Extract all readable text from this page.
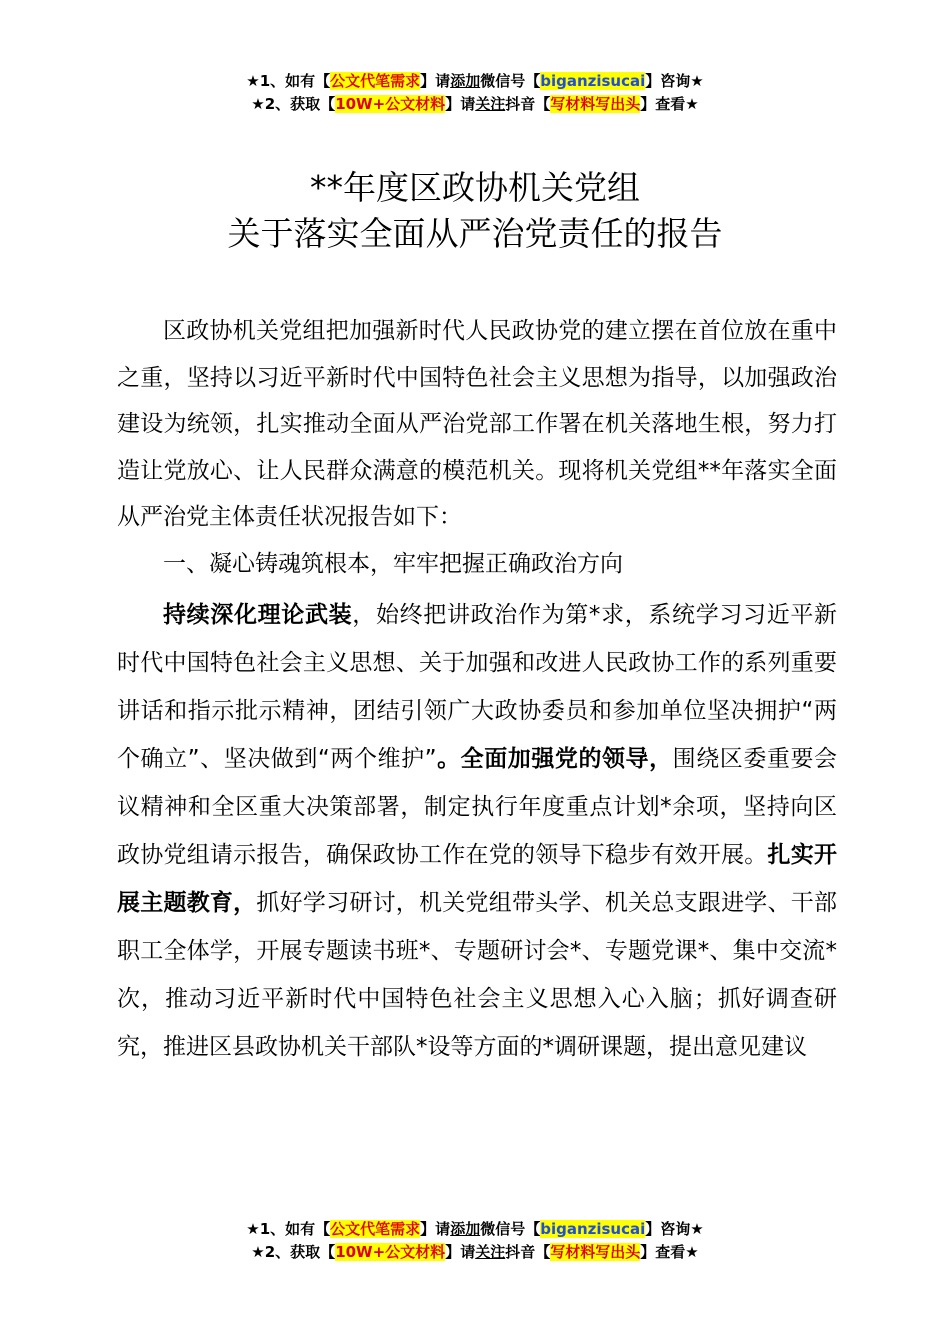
★1、如有【公文代笔需求】请添加微信号【biganzisucai】咨询★
★2、获取【10W+公文材料】请关注抖音【写材料写出头】查看★
**年度区政协机关党组
关于落实全面从严治党责任的报告

区政协机关党组把加强新时代人民政协党的建立摆在首位放在重中之重，坚持以习近平新时代中国特色社会主义思想为指导，以加强政治建设为统领，扎实推动全面从严治党部工作署在机关落地生根，努力打造让党放心、让人民群众满意的模范机关。现将机关党组**年落实全面从严治党主体责任状况报告如下：

一、凝心铸魂筑根本，牢牢把握正确政治方向

持续深化理论武装，始终把讲政治作为第*求，系统学习习近平新时代中国特色社会主义思想、关于加强和改进人民政协工作的系列重要讲话和指示批示精神，团结引领广大政协委员和参加单位坚决拥护“两个确立”、坚决做到“两个维护”。全面加强党的领导，围绕区委重要会议精神和全区重大决策部署，制定执行年度重点计划*余项，坚持向区政协党组请示报告，确保政协工作在党的领导下稳步有效开展。扎实开展主题教育，抓好学习研讨，机关党组带头学、机关总支跟进学、干部职工全体学，开展专题读书班*、专题研讨会*、专题党课*、集中交流*次，推动习近平新时代中国特色社会主义思想入心入脑；抓好调查研究，推进区县政协机关干部队*设等方面的*调研课题，提出意见建议

★1、如有【公文代笔需求】请添加微信号【biganzisucai】咨询★
★2、获取【10W+公文材料】请关注抖音【写材料写出头】查看★
